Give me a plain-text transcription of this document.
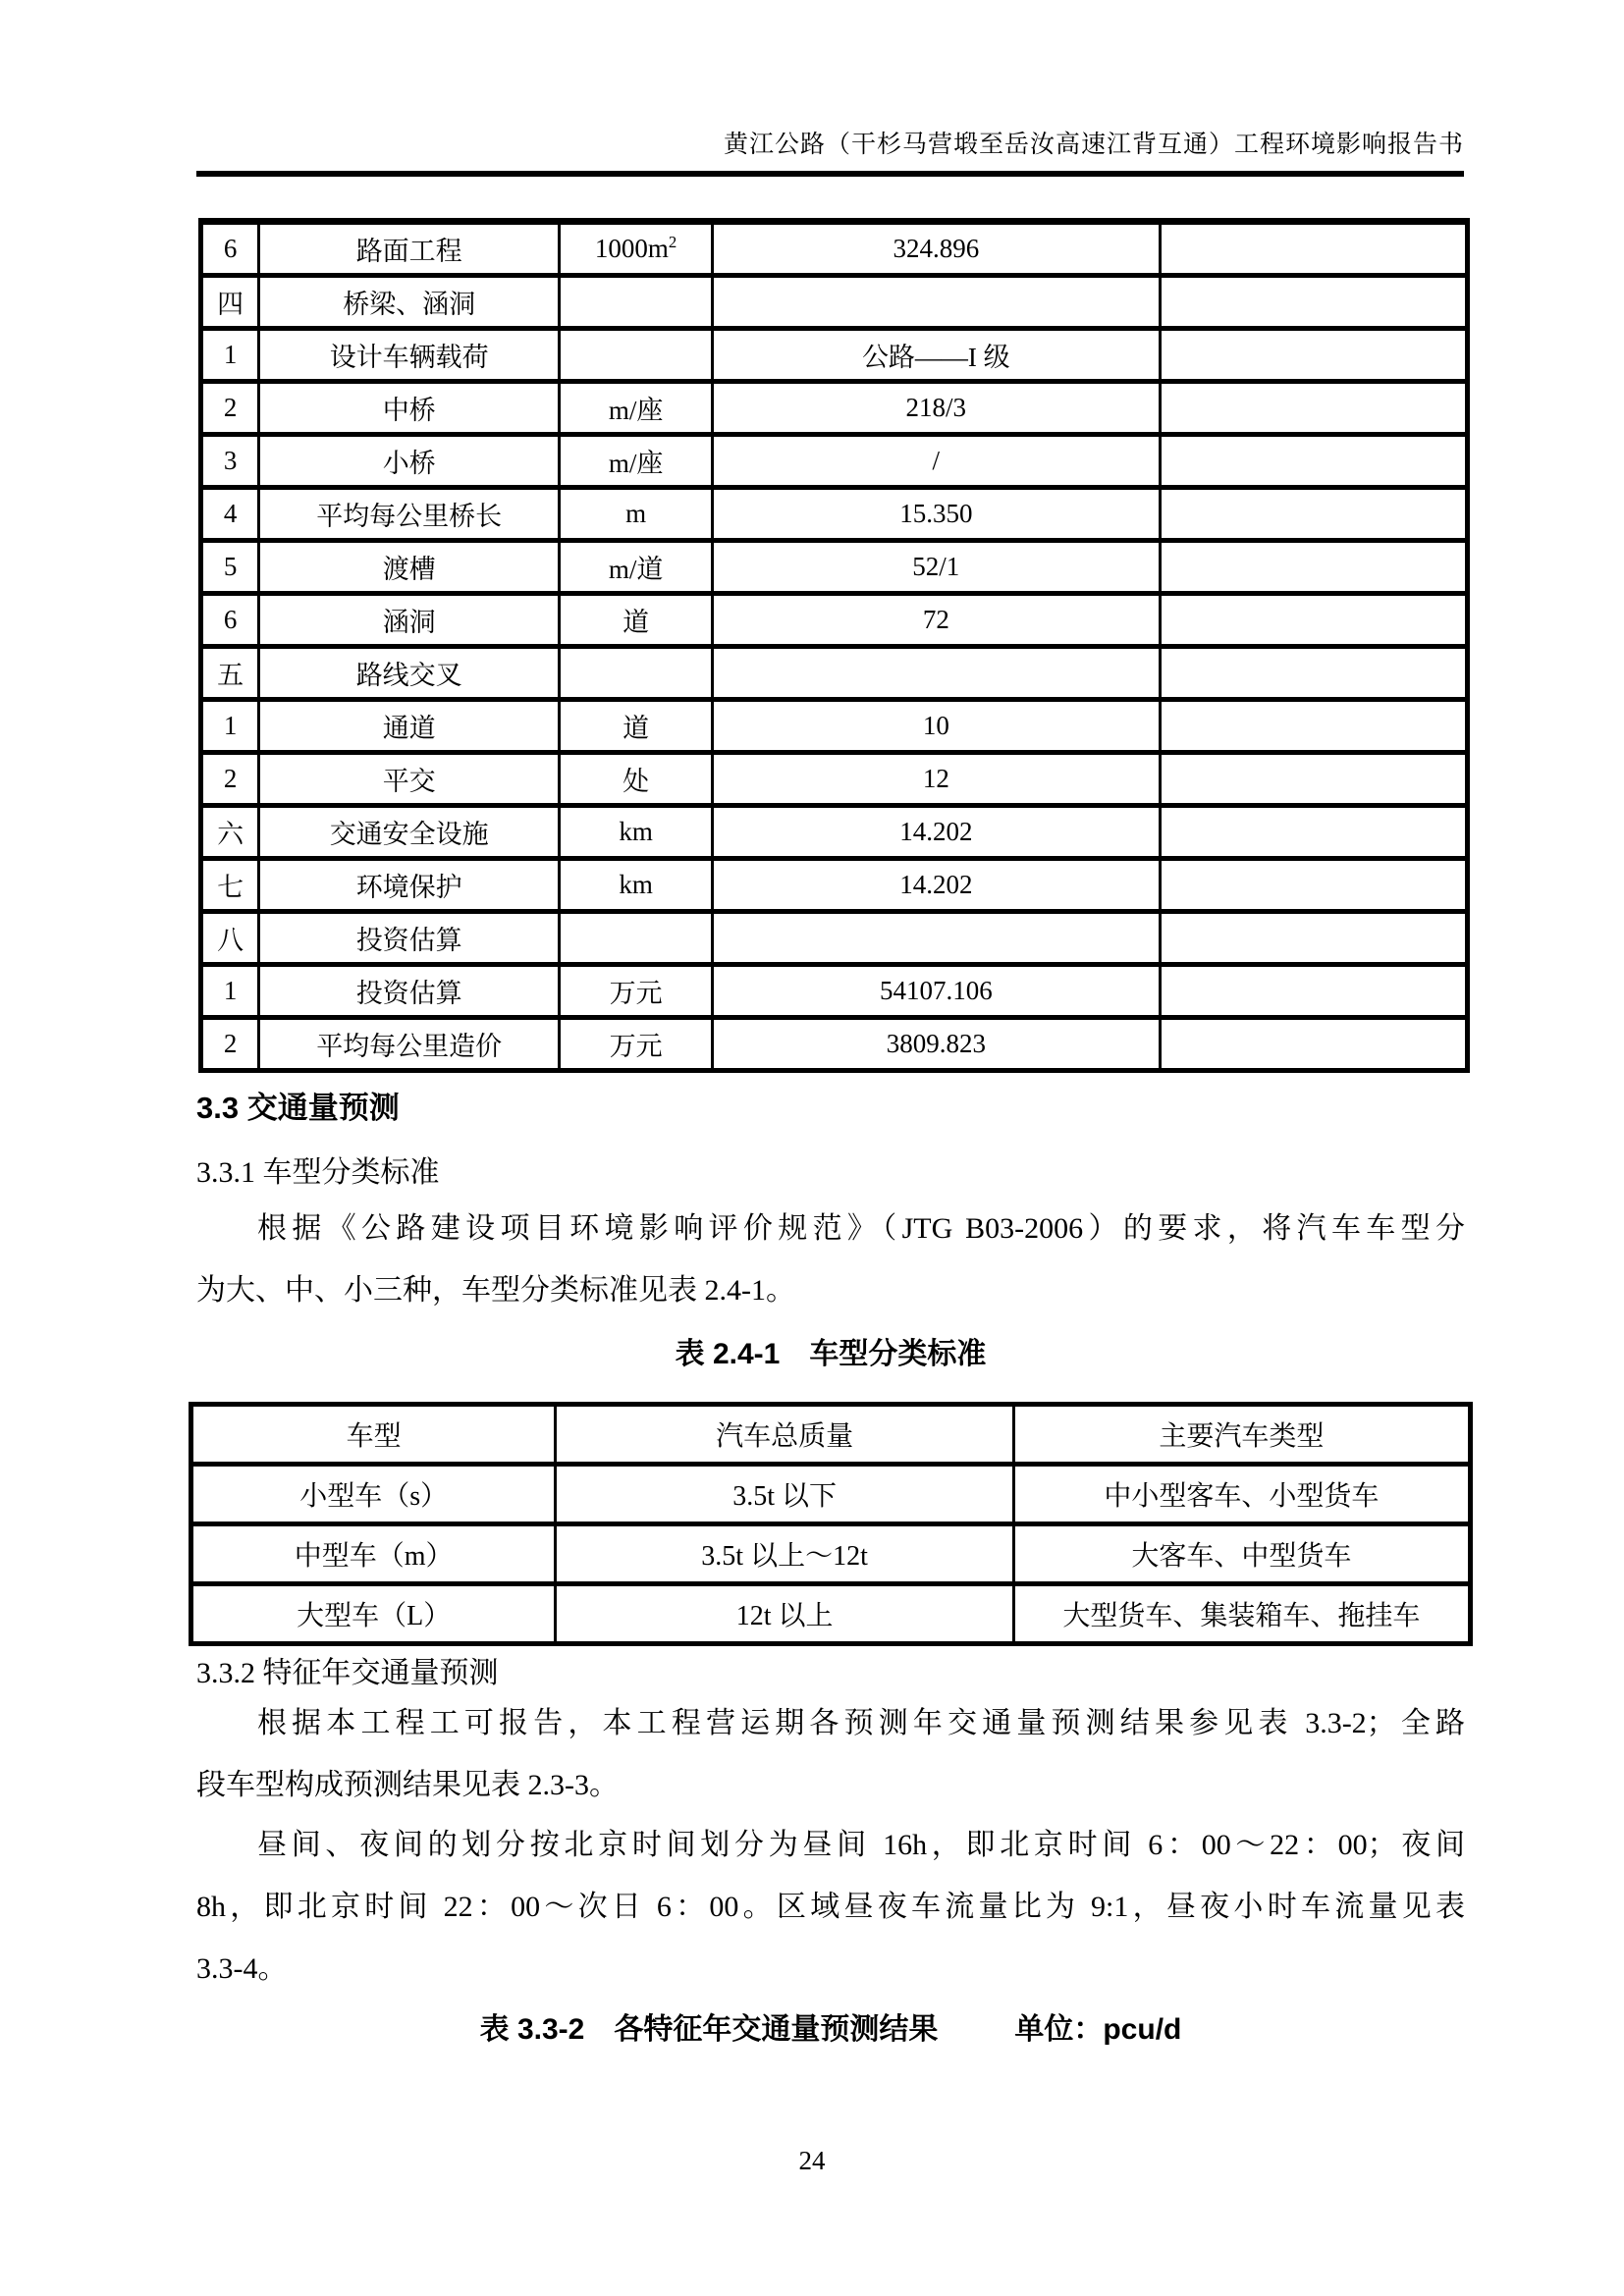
黄江公路（干杉马营塅至岳汝高速江背互通）工程环境影响报告书
6	路面工程	$1000m^2$	324.896	
四	桥梁、涵洞			
1	设计车辆载荷		公路——I 级	
2	中桥	m/座	218/3	
3	小桥	m/座	/	
4	平均每公里桥长	m	15.350	
5	渡槽	m/道	52/1	
6	涵洞	道	72	
五	路线交叉			
1	通道	道	10	
2	平交	处	12	
六	交通安全设施	km	14.202	
七	环境保护	km	14.202	
八	投资估算			
1	投资估算	万元	54107.106	
2	平均每公里造价	万元	3809.823	
3.3 交通量预测
3.3.1 车型分类标准
根据《公路建设项目环境影响评价规范》（JTG B03-2006）的要求，将汽车车型分
为大、中、小三种，车型分类标准见表 2.4-1。
表 2.4-1　车型分类标准
车型	汽车总质量	主要汽车类型
小型车（s）	3.5t 以下	中小型客车、小型货车
中型车（m）	3.5t 以上～12t	大客车、中型货车
大型车（L）	12t 以上	大型货车、集装箱车、拖挂车
3.3.2 特征年交通量预测
根据本工程工可报告，本工程营运期各预测年交通量预测结果参见表 3.3-2；全路
段车型构成预测结果见表 2.3-3。
昼间、夜间的划分按北京时间划分为昼间 16h，即北京时间 6：00～22：00；夜间
8h，即北京时间 22：00～次日 6：00。区域昼夜车流量比为 9:1，昼夜小时车流量见表
3.3-4。
表 3.3-2　各特征年交通量预测结果	单位：pcu/d
24
